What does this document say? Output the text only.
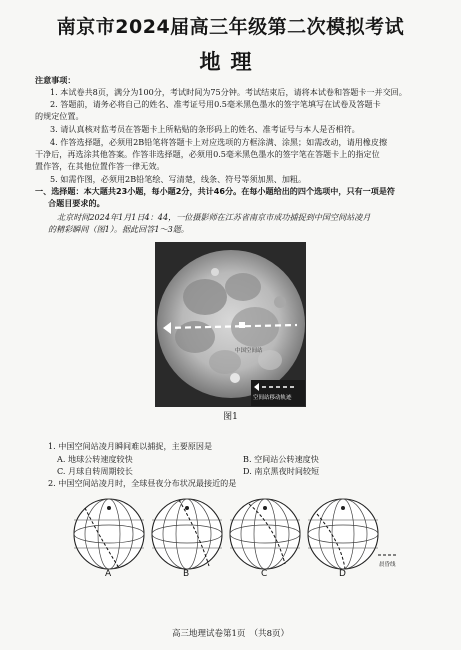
南京市2024届高三年级第二次模拟考试
地理
注意事项：
1. 本试卷共8页，满分为100分，考试时间为75分钟。考试结束后，请将本试卷和答题卡一并交回。
2. 答题前，请务必将自己的姓名、准考证号用0.5毫米黑色墨水的签字笔填写在试卷及答题卡
的规定位置。
3. 请认真核对监考员在答题卡上所粘贴的条形码上的姓名、准考证号与本人是否相符。
4. 作答选择题，必须用2B铅笔将答题卡上对应选项的方框涂满、涂黑；如需改动，请用橡皮擦
干净后，再选涂其他答案。作答非选择题，必须用0.5毫米黑色墨水的签字笔在答题卡上的指定位
置作答，在其他位置作答一律无效。
5. 如需作图，必须用2B铅笔绘、写清楚，线条、符号等须加黑、加粗。
一、选择题：本大题共23小题，每小题2分，共计46分。在每小题给出的四个选项中，只有一项是符
合题目要求的。
北京时间2024年1月1日4：44，一位摄影师在江苏省南京市成功捕捉到中国空间站凌月
的精彩瞬间（图1）。据此回答1～3题。
中国空间站
空间站移动轨迹
图1
1. 中国空间站凌月瞬间难以捕捉，主要原因是
A. 地球公转速度较快	B. 空间站公转速度快
C. 月球自转周期较长	D. 南京黑夜时间较短
2. 中国空间站凌月时，全球昼夜分布状况最接近的是
晨昏线
A	B	C	D
高三地理试卷第1页　（共8页）
